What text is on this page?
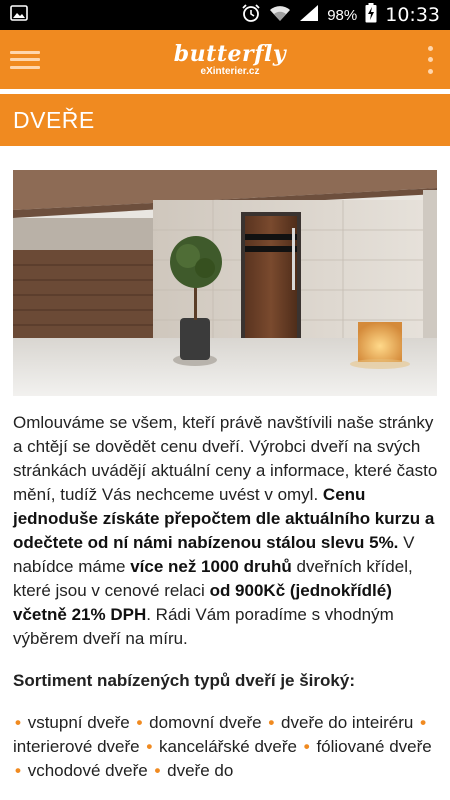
98% 10:33
butterfly
eXinterier.cz
DVEŘE

Omlouváme se všem, kteří právě navštívili naše stránky a chtějí se dovědět cenu dveří. Výrobci dveří na svých stránkách uvádějí aktuální ceny a informace, které často mění, tudíž Vás nechceme uvést v omyl. Cenu jednoduše získáte přepočtem dle aktuálního kurzu a odečtete od ní námi nabízenou stálou slevu 5%. V nabídce máme více než 1000 druhů dveřních křídel, které jsou v cenové relaci od 900Kč (jednokřídlé) včetně 21% DPH. Rádi Vám poradíme s vhodným výběrem dveří na míru.

Sortiment nabízených typů dveří je široký:

• vstupní dveře • domovní dveře • dveře do inteiréru • interierové dveře • kancelářské dveře • fóliované dveře • vchodové dveře • dveře do
